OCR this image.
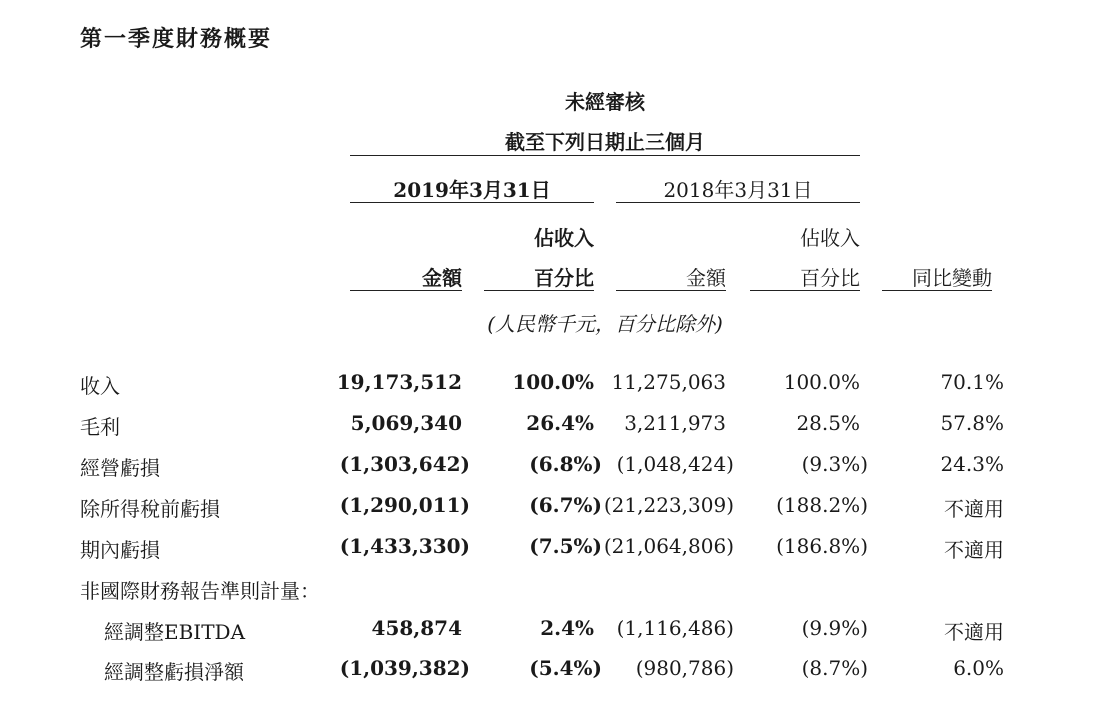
第一季度財務概要
未經審核
截至下列日期止三個月
2019年3月31日	2018年3月31日
金額
佔收入
百分比	金額
佔收入
百分比	同比變動
(人民幣千元，百分比除外)
收入	19,173,512	100.0% 11,275,063	100.0%	70.1%
毛利	5,069,340	26.4%	3,211,973	28.5%	57.8%
經營虧損	(1,303,642)	(6.8%) (1,048,424)	(9.3%)	24.3%
除所得稅前虧損	(1,290,011)	(6.7%) (21,223,309)	(188.2%)	不適用
期內虧損	(1,433,330)	(7.5%) (21,064,806)	(186.8%)	不適用
非國際財務報告準則計量：
經調整EBITDA	458,874	2.4%	(1,116,486)	(9.9%)	不適用
經調整虧損淨額	(1,039,382)	(5.4%)	(980,786)	(8.7%)	6.0%
